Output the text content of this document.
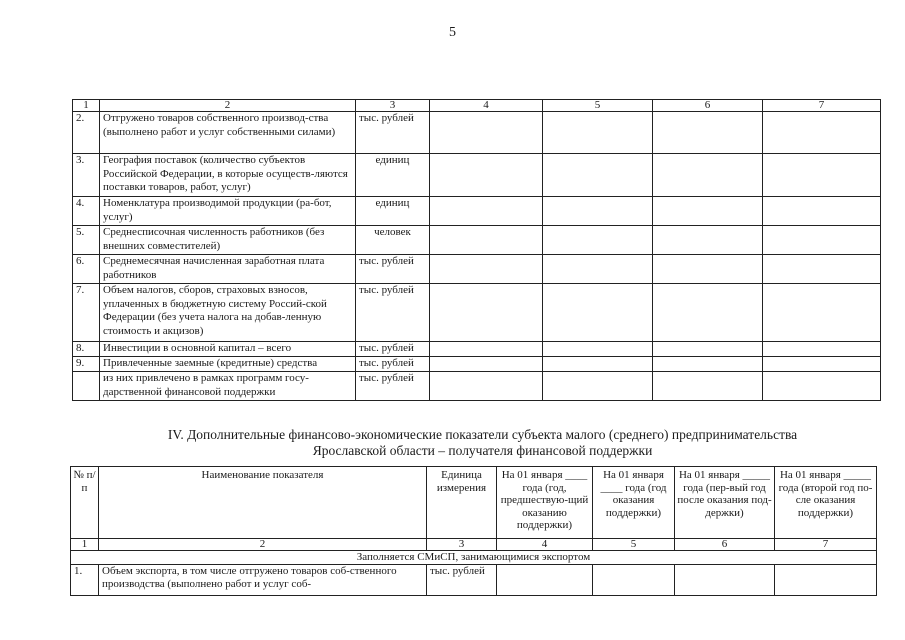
5
1	2	3	4	5	6	7
2.	Отгружено товаров собственного производ-ства (выполнено работ и услуг собственными силами)	тыс. рублей				
3.	География поставок (количество субъектов Российской Федерации, в которые осуществ-ляются поставки товаров, работ, услуг)	единиц				
4.	Номенклатура производимой продукции (ра-бот, услуг)	единиц				
5.	Среднесписочная численность работников (без внешних совместителей)	человек				
6.	Среднемесячная начисленная заработная плата работников	тыс. рублей				
7.	Объем налогов, сборов, страховых взносов, уплаченных в бюджетную систему Россий-ской Федерации (без учета налога на добав-ленную стоимость и акцизов)	тыс. рублей				
8.	Инвестиции в основной капитал – всего	тыс. рублей				
9.	Привлеченные заемные (кредитные) средства	тыс. рублей				
	из них привлечено в рамках программ госу-дарственной финансовой поддержки	тыс. рублей				
IV. Дополнительные финансово-экономические показатели субъекта малого (среднего) предпринимательства
Ярославской области – получателя финансовой поддержки
№ п/п	Наименование показателя	Единица измерения	На 01 января ____ года (год, предшествую-щий оказанию поддержки)	На 01 января ____ года (год оказания поддержки)	На 01 января _____ года (пер-вый год после оказания под-держки)	На 01 января _____ года (второй год по-сле оказания поддержки)
1	2	3	4	5	6	7
Заполняется СМиСП, занимающимися экспортом						
1.	Объем экспорта, в том числе отгружено товаров соб-ственного производства (выполнено работ и услуг соб-	тыс. рублей				
